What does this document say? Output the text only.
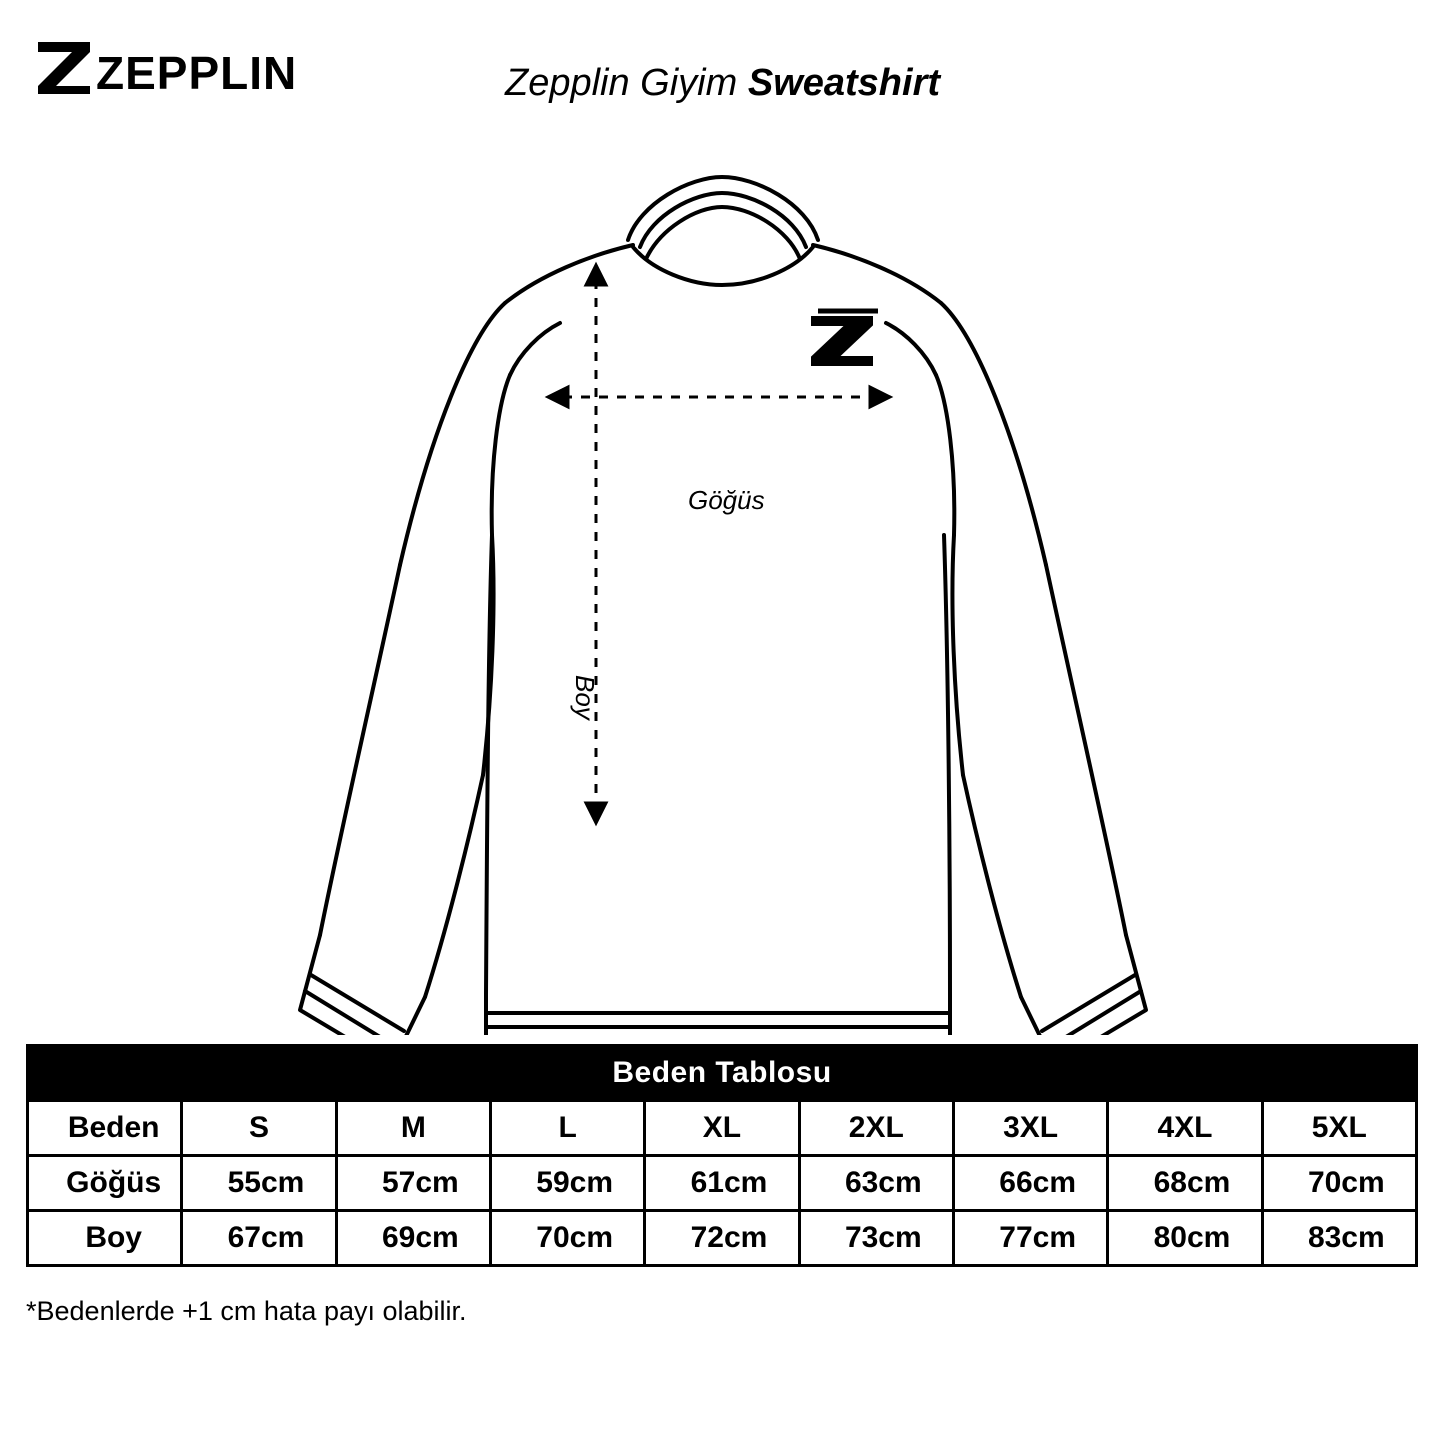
ZEPPLIN	Zepplin Giyim Sweatshirt
Göğüs
Boy
Beden Tablosu								
Beden	S	M	L	XL	2XL	3XL	4XL	5XL
Göğüs	55cm	57cm	59cm	61cm	63cm	66cm	68cm	70cm
Boy	67cm	69cm	70cm	72cm	73cm	77cm	80cm	83cm
*Bedenlerde +1 cm hata payı olabilir.
